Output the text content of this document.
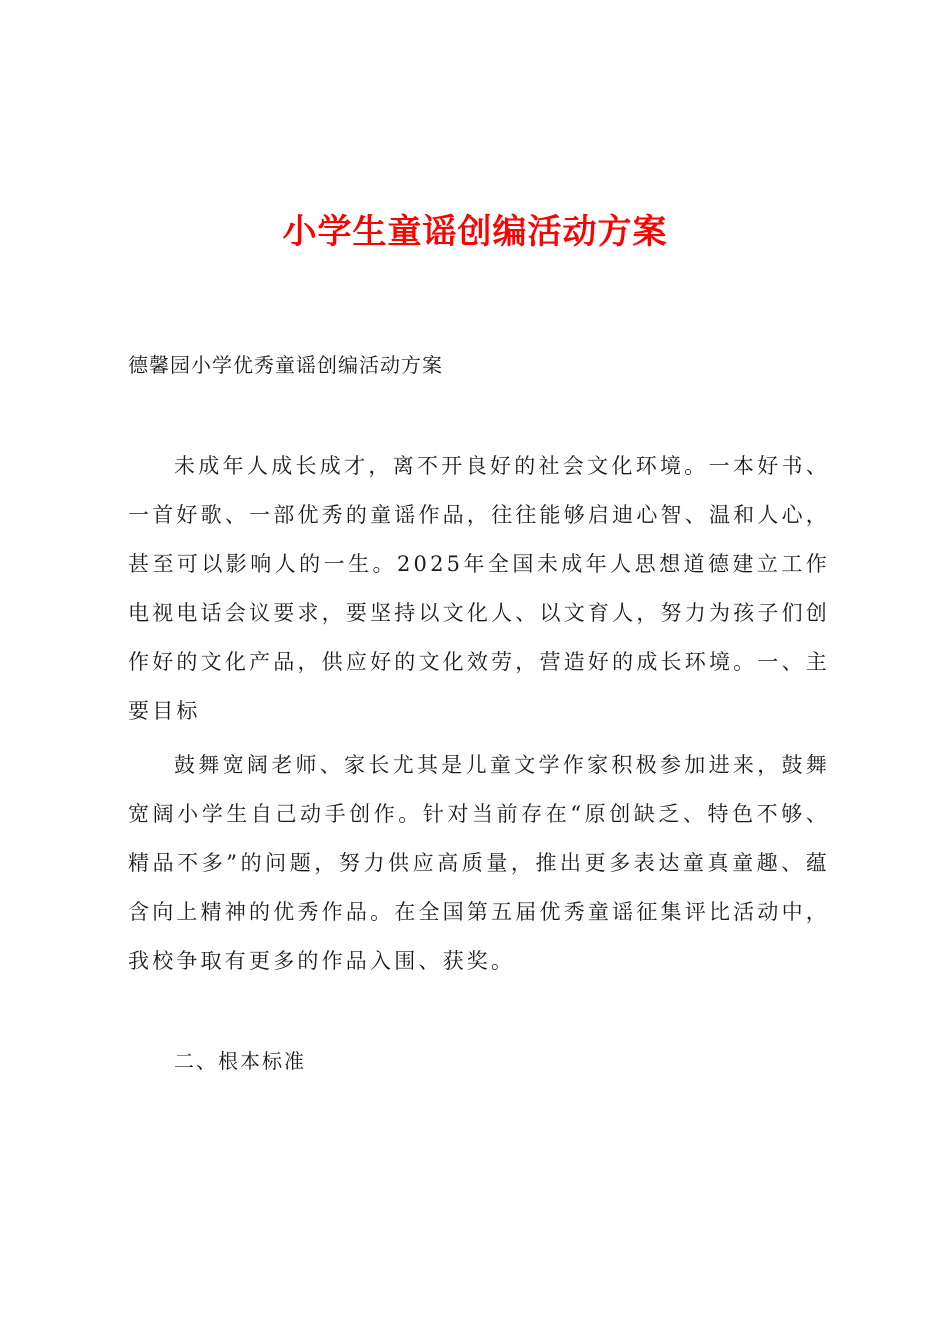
小学生童谣创编活动方案

德馨园小学优秀童谣创编活动方案

未成年人成长成才，离不开良好的社会文化环境。一本好书、一首好歌、一部优秀的童谣作品，往往能够启迪心智、温和人心，甚至可以影响人的一生。2025年全国未成年人思想道德建立工作电视电话会议要求，要坚持以文化人、以文育人，努力为孩子们创作好的文化产品，供应好的文化效劳，营造好的成长环境。一、主要目标

鼓舞宽阔老师、家长尤其是儿童文学作家积极参加进来，鼓舞宽阔小学生自己动手创作。针对当前存在“原创缺乏、特色不够、精品不多”的问题，努力供应高质量，推出更多表达童真童趣、蕴含向上精神的优秀作品。在全国第五届优秀童谣征集评比活动中，我校争取有更多的作品入围、获奖。

二、根本标准
